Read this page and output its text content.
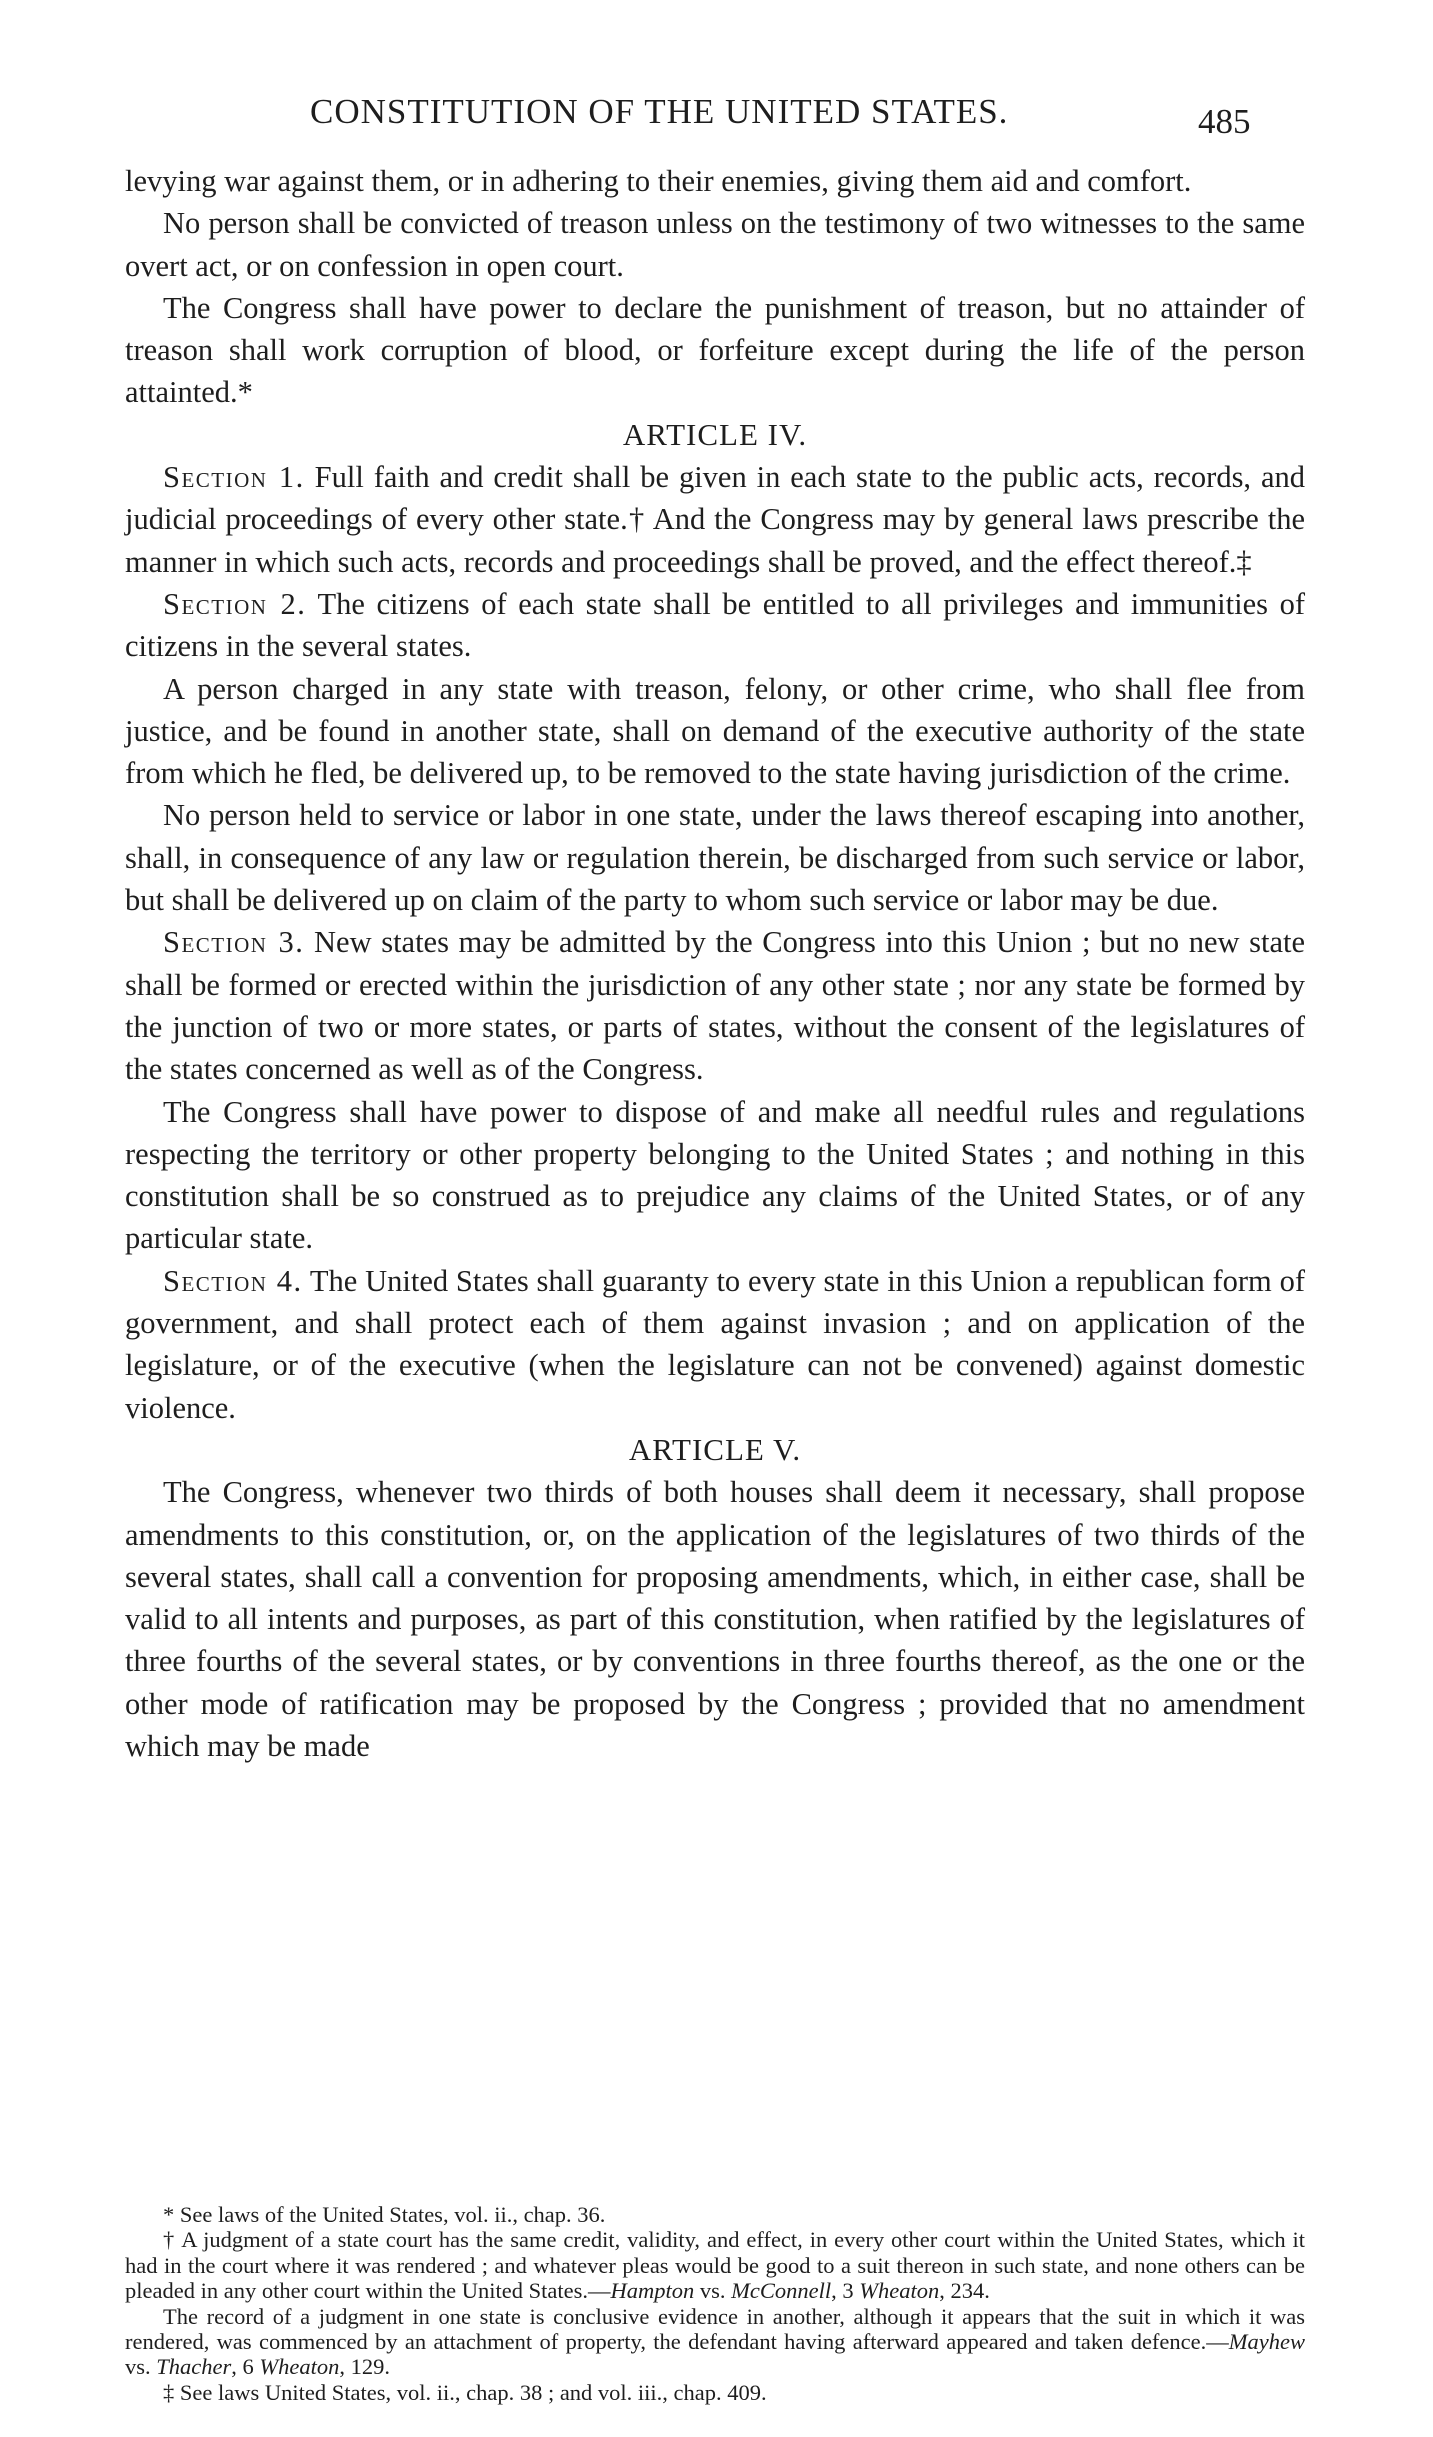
CONSTITUTION OF THE UNITED STATES.	485

levying war against them, or in adhering to their enemies, giving them aid and comfort.

No person shall be convicted of treason unless on the testimony of two witnesses to the same overt act, or on confession in open court.

The Congress shall have power to declare the punishment of treason, but no attainder of treason shall work corruption of blood, or forfeiture except during the life of the person attainted.*

ARTICLE IV.

Section 1. Full faith and credit shall be given in each state to the public acts, records, and judicial proceedings of every other state.† And the Congress may by general laws prescribe the manner in which such acts, records and proceedings shall be proved, and the effect thereof.‡

Section 2. The citizens of each state shall be entitled to all privileges and immunities of citizens in the several states.

A person charged in any state with treason, felony, or other crime, who shall flee from justice, and be found in another state, shall on demand of the executive authority of the state from which he fled, be delivered up, to be removed to the state having jurisdiction of the crime.

No person held to service or labor in one state, under the laws thereof escaping into another, shall, in consequence of any law or regulation therein, be discharged from such service or labor, but shall be delivered up on claim of the party to whom such service or labor may be due.

Section 3. New states may be admitted by the Congress into this Union ; but no new state shall be formed or erected within the jurisdiction of any other state ; nor any state be formed by the junction of two or more states, or parts of states, without the consent of the legislatures of the states concerned as well as of the Congress.

The Congress shall have power to dispose of and make all needful rules and regulations respecting the territory or other property belonging to the United States ; and nothing in this constitution shall be so construed as to prejudice any claims of the United States, or of any particular state.

Section 4. The United States shall guaranty to every state in this Union a republican form of government, and shall protect each of them against invasion ; and on application of the legislature, or of the executive (when the legislature can not be convened) against domestic violence.

ARTICLE V.

The Congress, whenever two thirds of both houses shall deem it necessary, shall propose amendments to this constitution, or, on the application of the legislatures of two thirds of the several states, shall call a convention for proposing amendments, which, in either case, shall be valid to all intents and purposes, as part of this constitution, when ratified by the legislatures of three fourths of the several states, or by conventions in three fourths thereof, as the one or the other mode of ratification may be proposed by the Congress ; provided that no amendment which may be made

* See laws of the United States, vol. ii., chap. 36.

† A judgment of a state court has the same credit, validity, and effect, in every other court within the United States, which it had in the court where it was rendered ; and whatever pleas would be good to a suit thereon in such state, and none others can be pleaded in any other court within the United States.—Hampton vs. McConnell, 3 Wheaton, 234.

The record of a judgment in one state is conclusive evidence in another, although it appears that the suit in which it was rendered, was commenced by an attachment of property, the defendant having afterward appeared and taken defence.—Mayhew vs. Thacher, 6 Wheaton, 129.

‡ See laws United States, vol. ii., chap. 38 ; and vol. iii., chap. 409.
